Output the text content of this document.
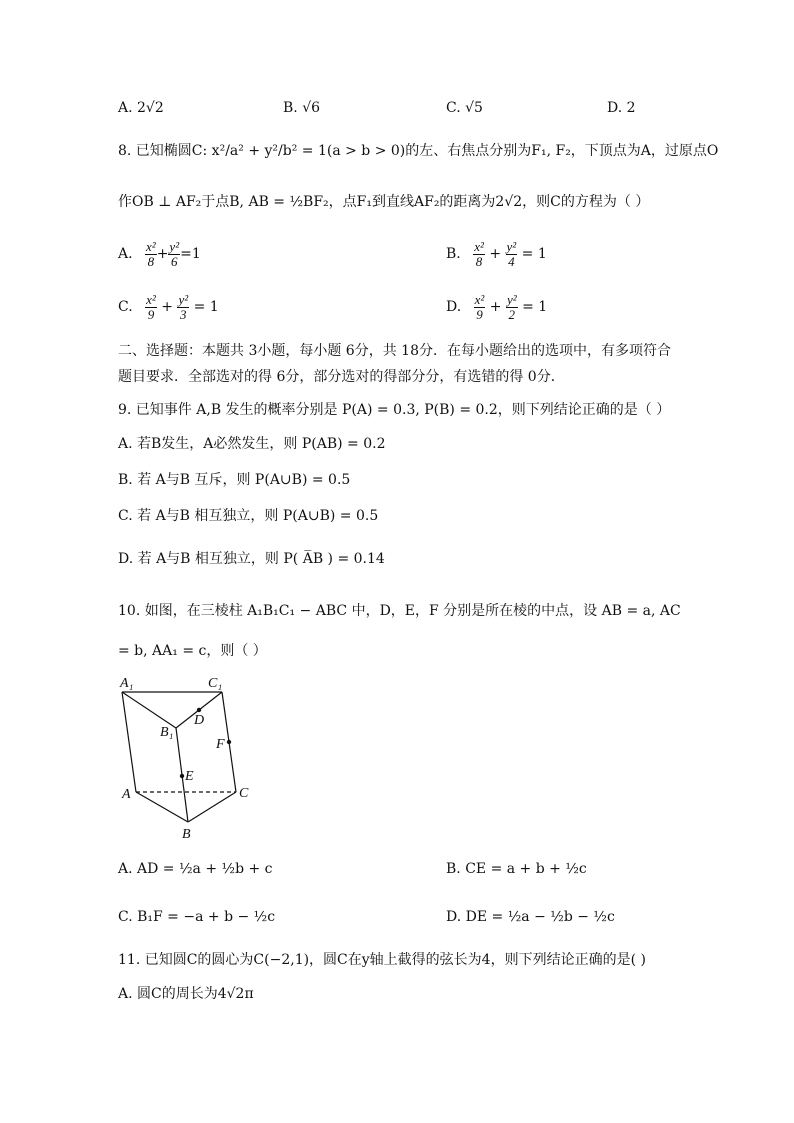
A. 2√2	B. √6	C. √5	D. 2
8. 已知椭圆C: x²/a² + y²/b² = 1(a > b > 0)的左、右焦点分别为F₁, F₂，下顶点为A，过原点O
作OB ⊥ AF₂于点B, AB = ½BF₂，点F₁到直线AF₂的距离为2√2，则C的方程为（ ）
A. $\frac{\text{x²}}{8} + \frac{\text{y²}}{6} =1$	B. $\frac{\text{x²}}{8} + \frac{\text{y²}}{4} = 1$
C. $\frac{\text{x²}}{9} + \frac{\text{y²}}{3} = 1$	D. $\frac{\text{x²}}{9} + \frac{\text{y²}}{2} = 1$
二、选择题：本题共 3小题，每小题 6分，共 18分．在每小题给出的选项中，有多项符合
题目要求．全部选对的得 6分，部分选对的得部分分，有选错的得 0分．
9. 已知事件 A,B 发生的概率分别是 P(A) = 0.3, P(B) = 0.2，则下列结论正确的是（ ）
A. 若B发生，A必然发生，则 P(AB) = 0.2
B. 若 A与B 互斥，则 P(A∪B) = 0.5
C. 若 A与B 相互独立，则 P(A∪B) = 0.5
D. 若 A与B 相互独立，则 P( A̅B ) = 0.14
10. 如图，在三棱柱 A₁B₁C₁ − ABC 中，D，E，F 分别是所在棱的中点，设 AB = a, AC
= b, AA₁ = c，则（ ）
A₁	C₁
D
B₁
F
E
A	C
B
A. AD = ½a + ½b + c	B. CE = a + b + ½c
C. B₁F = −a + b − ½c	D. DE = ½a − ½b − ½c
11. 已知圆C的圆心为C(−2,1)，圆C在y轴上截得的弦长为4，则下列结论正确的是( )
A. 圆C的周长为4√2π
